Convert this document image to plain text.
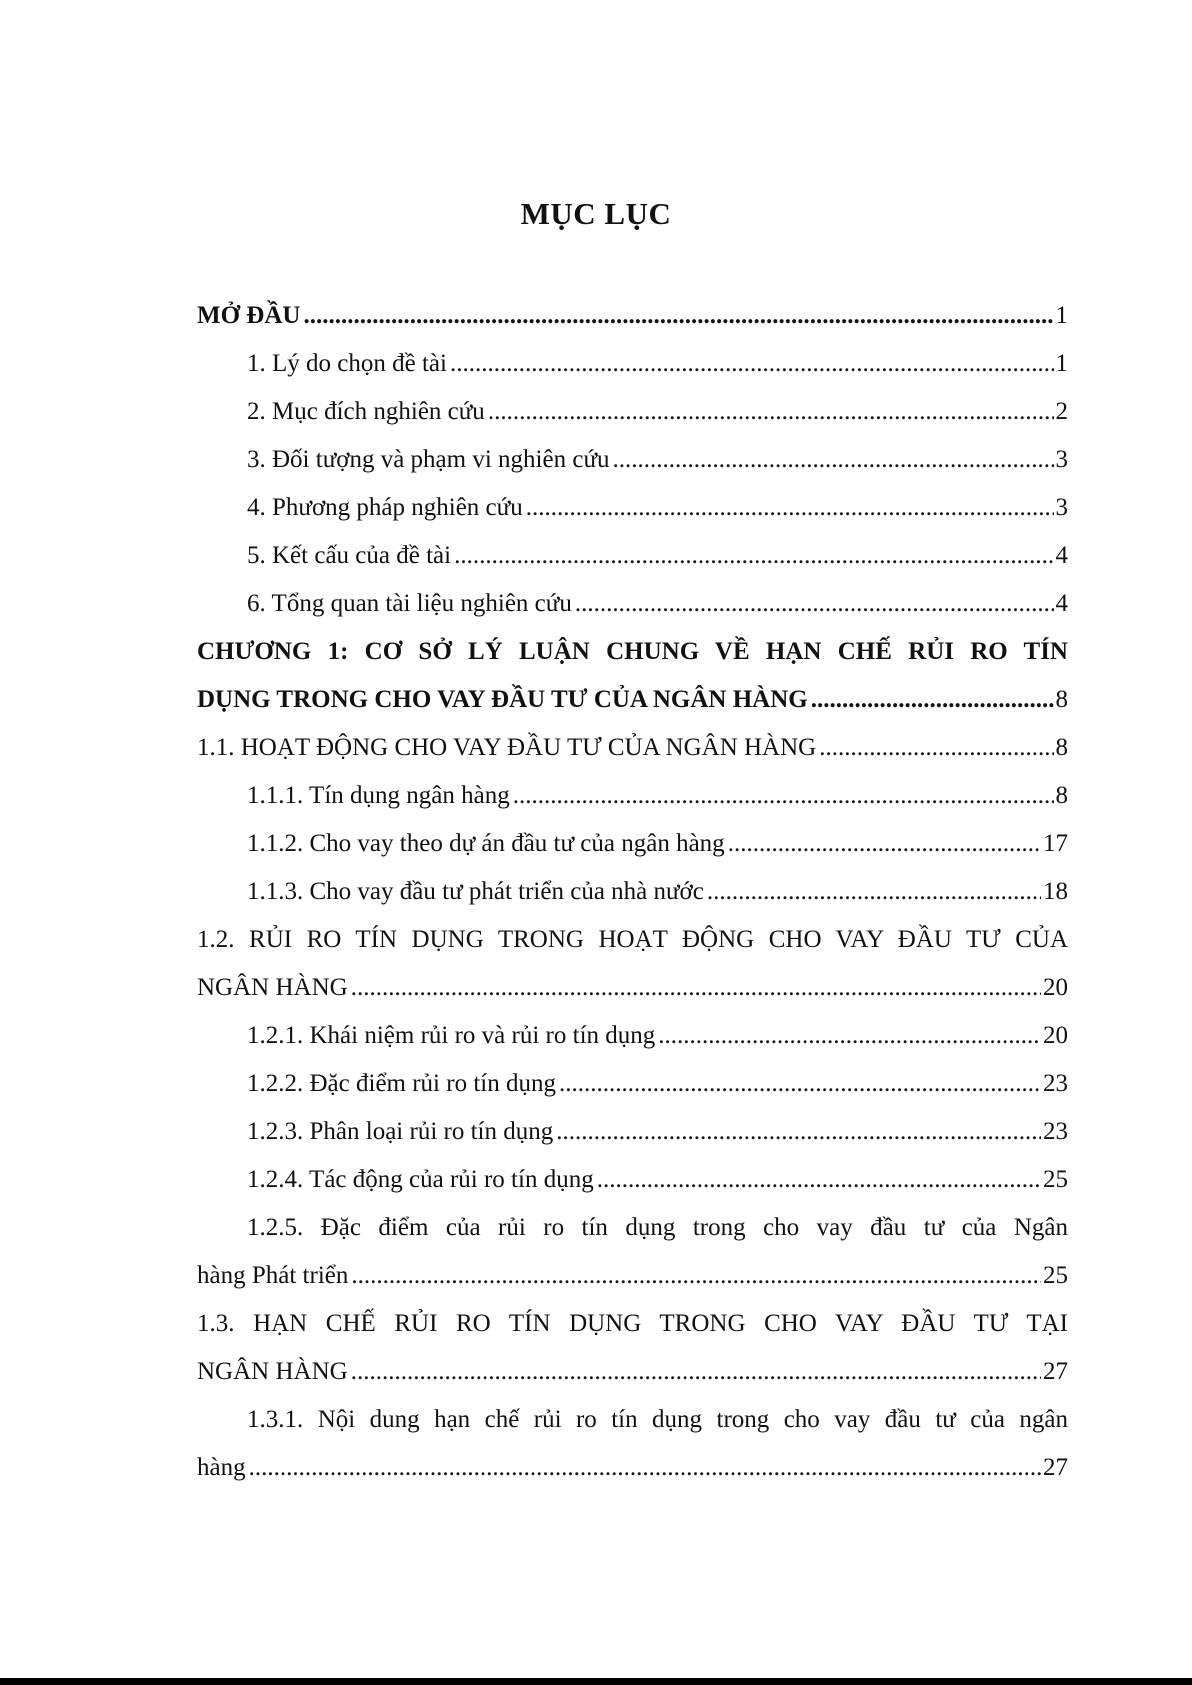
MỤC LỤC
MỞ ĐẦU .....	1
1. Lý do chọn đề tài .....	1
2. Mục đích nghiên cứu .....	2
3. Đối tượng và phạm vi nghiên cứu .....	3
4. Phương pháp nghiên cứu .....	3
5. Kết cấu của đề tài .....	4
6. Tổng quan tài liệu nghiên cứu .....	4
CHƯƠNG 1: CƠ SỞ LÝ LUẬN CHUNG VỀ HẠN CHẾ RỦI RO TÍN
DỤNG TRONG CHO VAY ĐẦU TƯ CỦA NGÂN HÀNG .....	8
1.1. HOẠT ĐỘNG CHO VAY ĐẦU TƯ CỦA NGÂN HÀNG .....	8
1.1.1. Tín dụng ngân hàng .....	8
1.1.2. Cho vay theo dự án đầu tư của ngân hàng .....	17
1.1.3. Cho vay đầu tư phát triển của nhà nước .....	18
1.2. RỦI RO TÍN DỤNG TRONG HOẠT ĐỘNG CHO VAY ĐẦU TƯ CỦA
NGÂN HÀNG .....	20
1.2.1. Khái niệm rủi ro và rủi ro tín dụng .....	20
1.2.2. Đặc điểm rủi ro tín dụng .....	23
1.2.3. Phân loại rủi ro tín dụng .....	23
1.2.4. Tác động của rủi ro tín dụng .....	25
1.2.5. Đặc điểm của rủi ro tín dụng trong cho vay đầu tư của Ngân
hàng Phát triển .....	25
1.3. HẠN CHẾ RỦI RO TÍN DỤNG TRONG CHO VAY ĐẦU TƯ TẠI
NGÂN HÀNG .....	27
1.3.1. Nội dung hạn chế rủi ro tín dụng trong cho vay đầu tư của ngân
hàng .....	27
